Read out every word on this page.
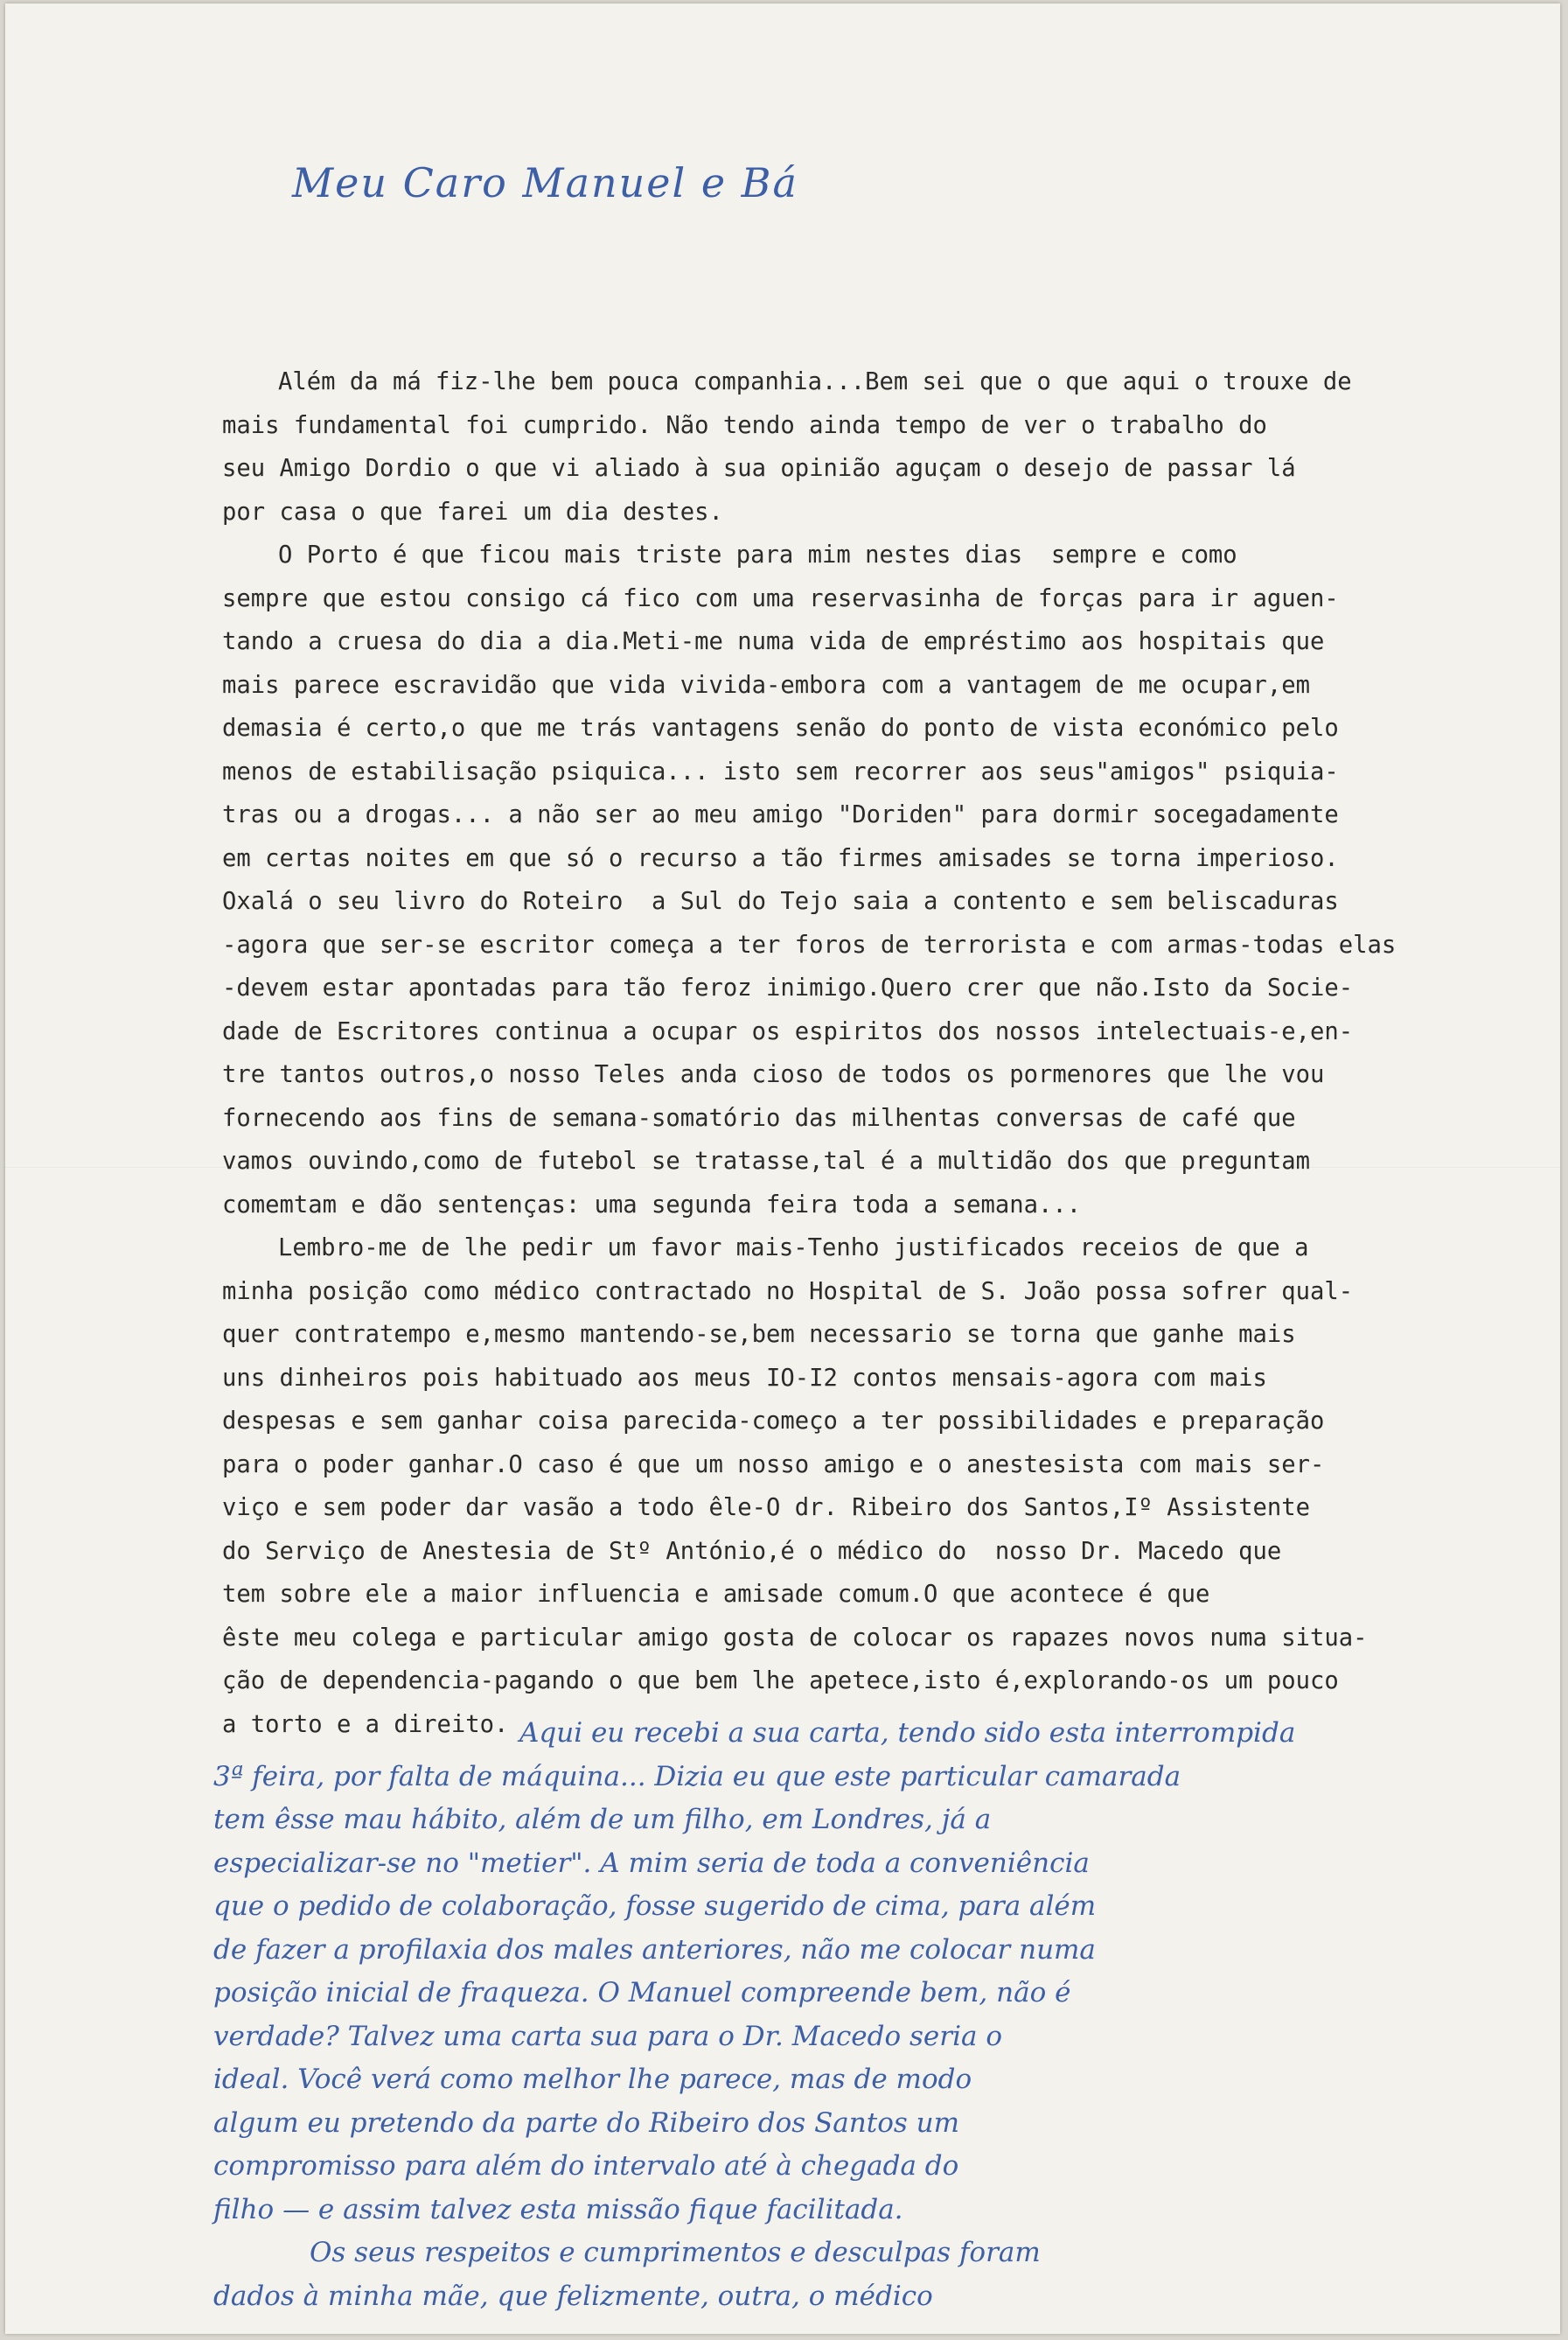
Meu Caro Manuel e Bá
Além da má fiz-lhe bem pouca companhia...Bem sei que o que aqui o trouxe de
mais fundamental foi cumprido. Não tendo ainda tempo de ver o trabalho do
seu Amigo Dordio o que vi aliado à sua opinião aguçam o desejo de passar lá
por casa o que farei um dia destes.
O Porto é que ficou mais triste para mim nestes dias  sempre e como
sempre que estou consigo cá fico com uma reservasinha de forças para ir aguen-
tando a cruesa do dia a dia.Meti-me numa vida de empréstimo aos hospitais que
mais parece escravidão que vida vivida-embora com a vantagem de me ocupar,em
demasia é certo,o que me trás vantagens senão do ponto de vista económico pelo
menos de estabilisação psiquica... isto sem recorrer aos seus"amigos" psiquia-
tras ou a drogas... a não ser ao meu amigo "Doriden" para dormir socegadamente
em certas noites em que só o recurso a tão firmes amisades se torna imperioso.
Oxalá o seu livro do Roteiro  a Sul do Tejo saia a contento e sem beliscaduras
-agora que ser-se escritor começa a ter foros de terrorista e com armas-todas elas
-devem estar apontadas para tão feroz inimigo.Quero crer que não.Isto da Socie-
dade de Escritores continua a ocupar os espiritos dos nossos intelectuais-e,en-
tre tantos outros,o nosso Teles anda cioso de todos os pormenores que lhe vou
fornecendo aos fins de semana-somatório das milhentas conversas de café que
vamos ouvindo,como de futebol se tratasse,tal é a multidão dos que preguntam
comemtam e dão sentenças: uma segunda feira toda a semana...
Lembro-me de lhe pedir um favor mais-Tenho justificados receios de que a
minha posição como médico contractado no Hospital de S. João possa sofrer qual-
quer contratempo e,mesmo mantendo-se,bem necessario se torna que ganhe mais
uns dinheiros pois habituado aos meus IO-I2 contos mensais-agora com mais
despesas e sem ganhar coisa parecida-começo a ter possibilidades e preparação
para o poder ganhar.O caso é que um nosso amigo e o anestesista com mais ser-
viço e sem poder dar vasão a todo êle-O dr. Ribeiro dos Santos,Iº Assistente
do Serviço de Anestesia de Stº António,é o médico do  nosso Dr. Macedo que
tem sobre ele a maior influencia e amisade comum.O que acontece é que
êste meu colega e particular amigo gosta de colocar os rapazes novos numa situa-
ção de dependencia-pagando o que bem lhe apetece,isto é,explorando-os um pouco
a torto e a direito. Aqui eu recebi a sua carta, tendo sido esta interrompida
3ª feira, por falta de máquina... Dizia eu que este particular camarada
tem êsse mau hábito, além de um filho, em Londres, já a
especializar-se no "metier". A mim seria de toda a conveniência
que o pedido de colaboração, fosse sugerido de cima, para além
de fazer a profilaxia dos males anteriores, não me colocar numa
posição inicial de fraqueza. O Manuel compreende bem, não é
verdade? Talvez uma carta sua para o Dr. Macedo seria o
ideal. Você verá como melhor lhe parece, mas de modo
algum eu pretendo da parte do Ribeiro dos Santos um
compromisso para além do intervalo até à chegada do
filho — e assim talvez esta missão fique facilitada.
Os seus respeitos e cumprimentos e desculpas foram
dados à minha mãe, que felizmente, outra, o médico
